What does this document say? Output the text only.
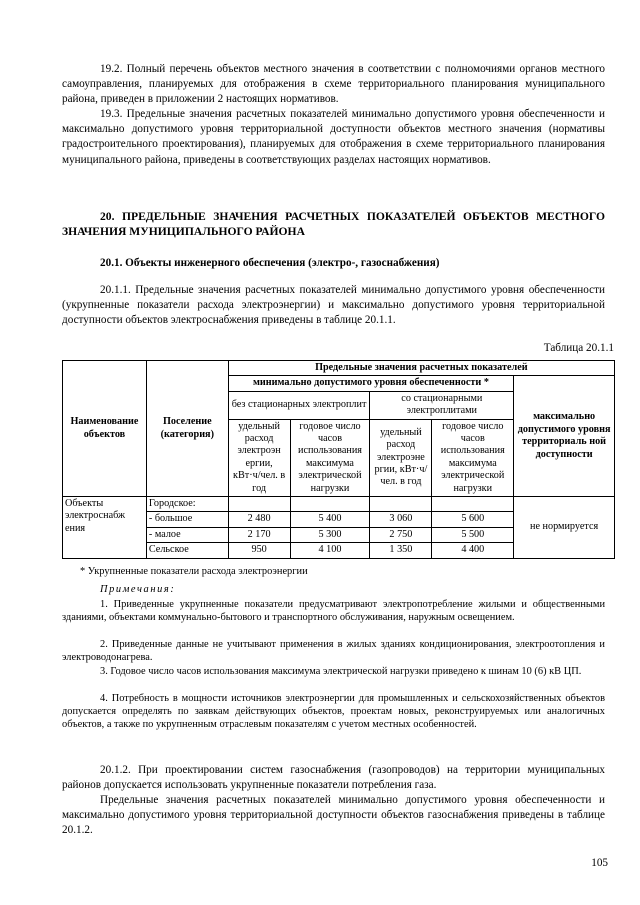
19.2. Полный перечень объектов местного значения в соответствии с полномочиями органов местного самоуправления, планируемых для отображения в схеме территориального планирования муниципального района, приведен в приложении 2 настоящих нормативов.

19.3. Предельные значения расчетных показателей минимально допустимого уровня обеспеченности и максимально допустимого уровня территориальной доступности объектов местного значения (нормативы градостроительного проектирования), планируемых для отображения в схеме территориального планирования муниципального района, приведены в соответствующих разделах настоящих нормативов.

20. ПРЕДЕЛЬНЫЕ ЗНАЧЕНИЯ РАСЧЕТНЫХ ПОКАЗАТЕЛЕЙ ОБЪЕКТОВ МЕСТНОГО ЗНАЧЕНИЯ МУНИЦИПАЛЬНОГО РАЙОНА

20.1. Объекты инженерного обеспечения (электро-, газоснабжения)

20.1.1. Предельные значения расчетных показателей минимально допустимого уровня обеспеченности (укрупненные показатели расхода электроэнергии) и максимально допустимого уровня территориальной доступности объектов электроснабжения приведены в таблице 20.1.1.

Таблица 20.1.1
Наименование объектов	Поселение (категория)	Предельные значения расчетных показателей				
		минимально допустимого уровня обеспеченности *				максимально допустимого уровня территориаль ной доступности
		без стационарных электроплит		со стационарными электроплитами		
		удельный расход электроэн ергии, кВт·ч/чел. в год	годовое число часов использования максимума электрической нагрузки	удельный расход электроэне ргии, кВт·ч/чел. в год	годовое число часов использования максимума электрической нагрузки	
Объекты электроснабж ения	Городское:					не нормируется
	- большое	2 480	5 400	3 060	5 600	
	- малое	2 170	5 300	2 750	5 500	
	Сельское	950	4 100	1 350	4 400	

* Укрупненные показатели расхода электроэнергии

Примечания:

1. Приведенные укрупненные показатели предусматривают электропотребление жилыми и общественными зданиями, объектами коммунально-бытового и транспортного обслуживания, наружным освещением.

2. Приведенные данные не учитывают применения в жилых зданиях кондиционирования, электроотопления и электроводонагрева.

3. Годовое число часов использования максимума электрической нагрузки приведено к шинам 10 (6) кВ ЦП.

4. Потребность в мощности источников электроэнергии для промышленных и сельскохозяйственных объектов допускается определять по заявкам действующих объектов, проектам новых, реконструируемых или аналогичных объектов, а также по укрупненным отраслевым показателям с учетом местных особенностей.

20.1.2. При проектировании систем газоснабжения (газопроводов) на территории муниципальных районов допускается использовать укрупненные показатели потребления газа.

Предельные значения расчетных показателей минимально допустимого уровня обеспеченности и максимально допустимого уровня территориальной доступности объектов газоснабжения приведены в таблице 20.1.2.

105
